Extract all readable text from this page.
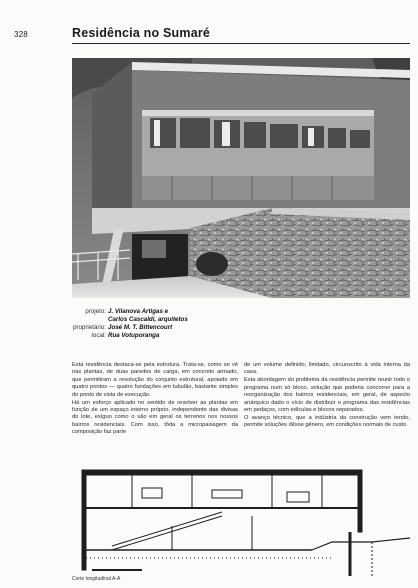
328	Residência no Sumaré
projeto: J. Vilanova Artigas e
Carlos Cascaldi, arquitetos
proprietário: José M. T. Bittencourt
local: Rua Votuporanga

Esta residência destaca-se pela estrutura. Trata-se, como se vê nas plantas, de duas paredes de carga, em concreto armado, que permitiram a resolução do conjunto estrutural, apoiado em quatro pontos — quatro fundações em tubulão, bastante simples do ponto de vista de execução.

Há um esforço aplicado no sentido de resolver as plantas em função de um espaço interno próprio, independente das divisas do lote, exíguo como o são em geral os terrenos nos nossos bairros residenciais. Com isso, tôda a micropaisagem da composição faz parte

de um volume definido, limitado, circunscrito à vida interna da casa.

Esta abordagem do problema da residência permite reunir todo o programa num só bloco, solução que poderia concorrer para a reorganização dos bairros residenciais, em geral, de aspecto anárquico dado o vício de distribuir o programa das residências em pedaços, com edículas e blocos separados.

O avanço técnico, que a indústria da construção vem tendo, permite soluções dêsse gênero, em condições normais de custo.

Corte longitudinal A-A
